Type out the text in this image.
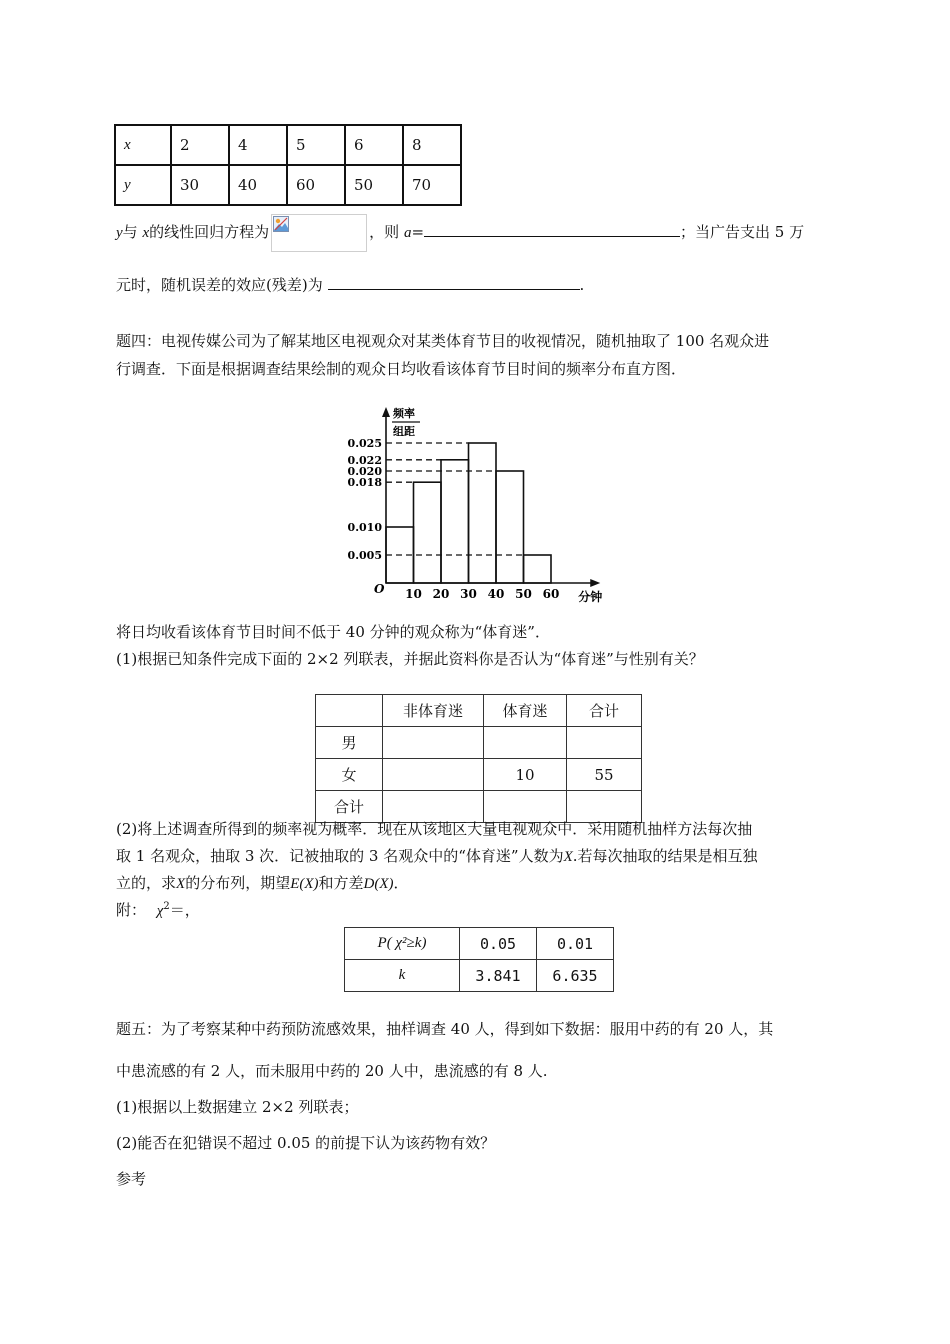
x	2	4	5	6	8
y	30	40	60	50	70
y与 x的线性回归方程为	，则 a=	；当广告支出 5 万
元时，随机误差的效应(残差)为	.
题四：电视传媒公司为了解某地区电视观众对某类体育节目的收视情况，随机抽取了 100 名观众进
行调查．下面是根据调查结果绘制的观众日均收看该体育节目时间的频率分布直方图．
频率
组距
0.025
0.022
0.020
0.018
0.010
0.005
10 20 30 40 50 60
O
分钟
将日均收看该体育节目时间不低于 40 分钟的观众称为“体育迷”．
(1)根据已知条件完成下面的 2×2 列联表，并据此资料你是否认为“体育迷”与性别有关？
	非体育迷	体育迷	合计
男			
女		10	55
合计			
(2)将上述调查所得到的频率视为概率．现在从该地区大量电视观众中．采用随机抽样方法每次抽
取 1 名观众，抽取 3 次．记被抽取的 3 名观众中的“体育迷”人数为X.若每次抽取的结果是相互独
立的，求X的分布列，期望E(X)和方差D(X)．
附： $\chi^2=$，
P( χ²≥k)	0.05	0.01
k	3.841	6.635
题五：为了考察某种中药预防流感效果，抽样调查 40 人，得到如下数据：服用中药的有 20 人，其
中患流感的有 2 人，而未服用中药的 20 人中，患流感的有 8 人.
(1)根据以上数据建立 2×2 列联表；
(2)能否在犯错误不超过 0.05 的前提下认为该药物有效？
参考
